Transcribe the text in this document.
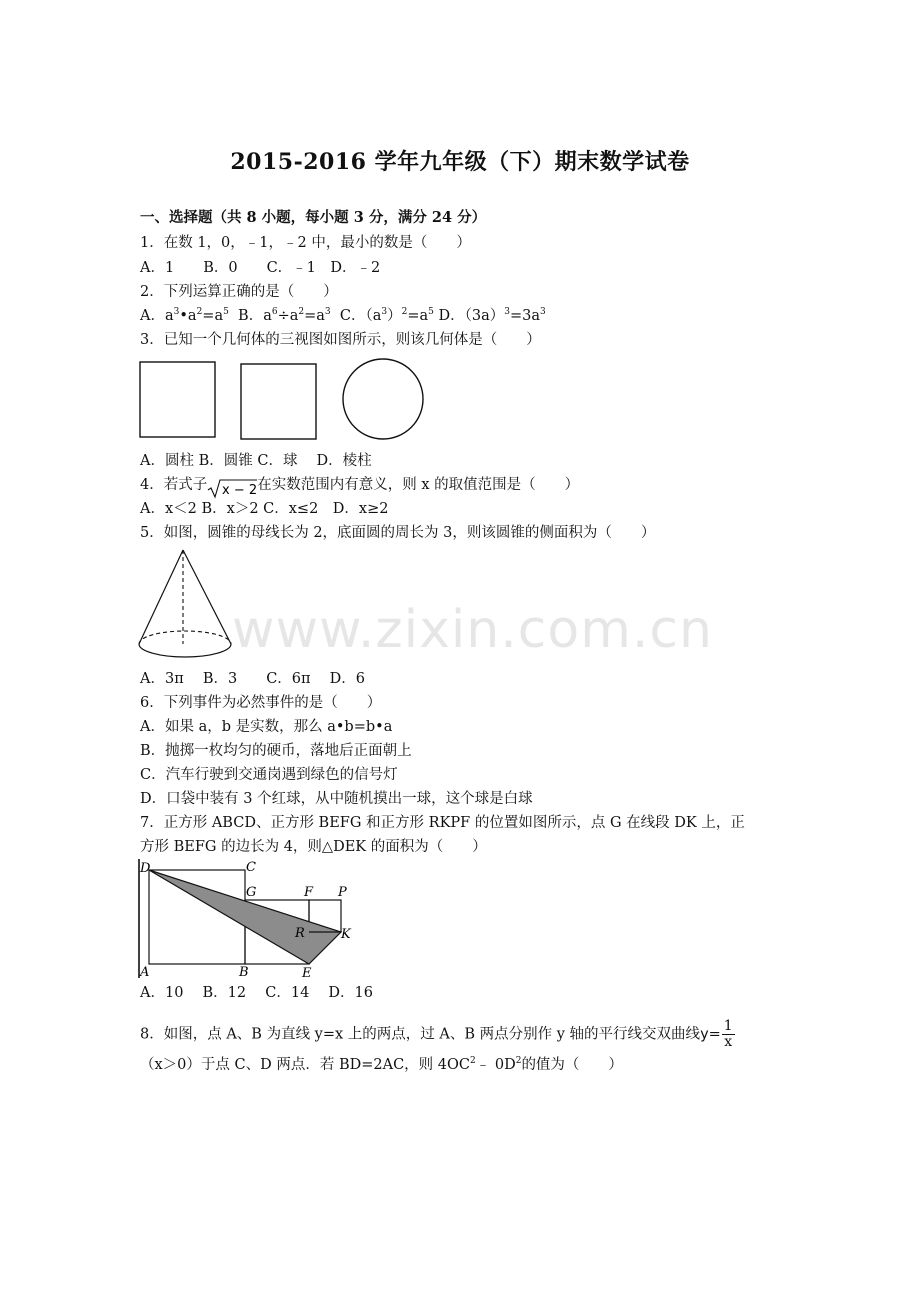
2015-2016 学年九年级（下）期末数学试卷
一、选择题（共 8 小题，每小题 3 分，满分 24 分）
1．在数 1，0，﹣1，﹣2 中，最小的数是（　　）
A．1　　B．0　　C．﹣1　D．﹣2
2．下列运算正确的是（　　）
A．$a^3•a^2=a^5$ B．$a^6\div a^2=a^3$ C．$(a^3)^2=a^5$ D．$(3a)^3=3a^3$
3．已知一个几何体的三视图如图所示，则该几何体是（　　）
A．圆柱 B．圆锥 C．球　 D．棱柱
4．若式子 x − 2 在实数范围内有意义，则 x 的取值范围是（　　）
A．x＜2 B．x＞2 C．x≤2　D．x≥2
5．如图，圆锥的母线长为 2，底面圆的周长为 3，则该圆锥的侧面积为（　　）
www.zixin.com.cn
A．3π　 B．3　　C．6π　 D．6
6．下列事件为必然事件的是（　　）
A．如果 a，b 是实数，那么 a•b=b•a
B．抛掷一枚均匀的硬币，落地后正面朝上
C．汽车行驶到交通岗遇到绿色的信号灯
D．口袋中装有 3 个红球，从中随机摸出一球，这个球是白球
7．正方形 ABCD、正方形 BEFG 和正方形 RKPF 的位置如图所示，点 G 在线段 DK 上，正
方形 BEFG 的边长为 4，则△DEK 的面积为（　　）
D	C
G	F P
R	K
A	B	E
A．10　 B．12　 C．14　 D．16
8．如图，点 A、B 为直线 y=x 上的两点，过 A、B 两点分别作 y 轴的平行线交双曲线$y= \frac{1}{x}$
（x＞0）于点 C、D 两点．若 BD=2AC，则 $4OC^2﹣$ $0D^2$的值为（　　）
